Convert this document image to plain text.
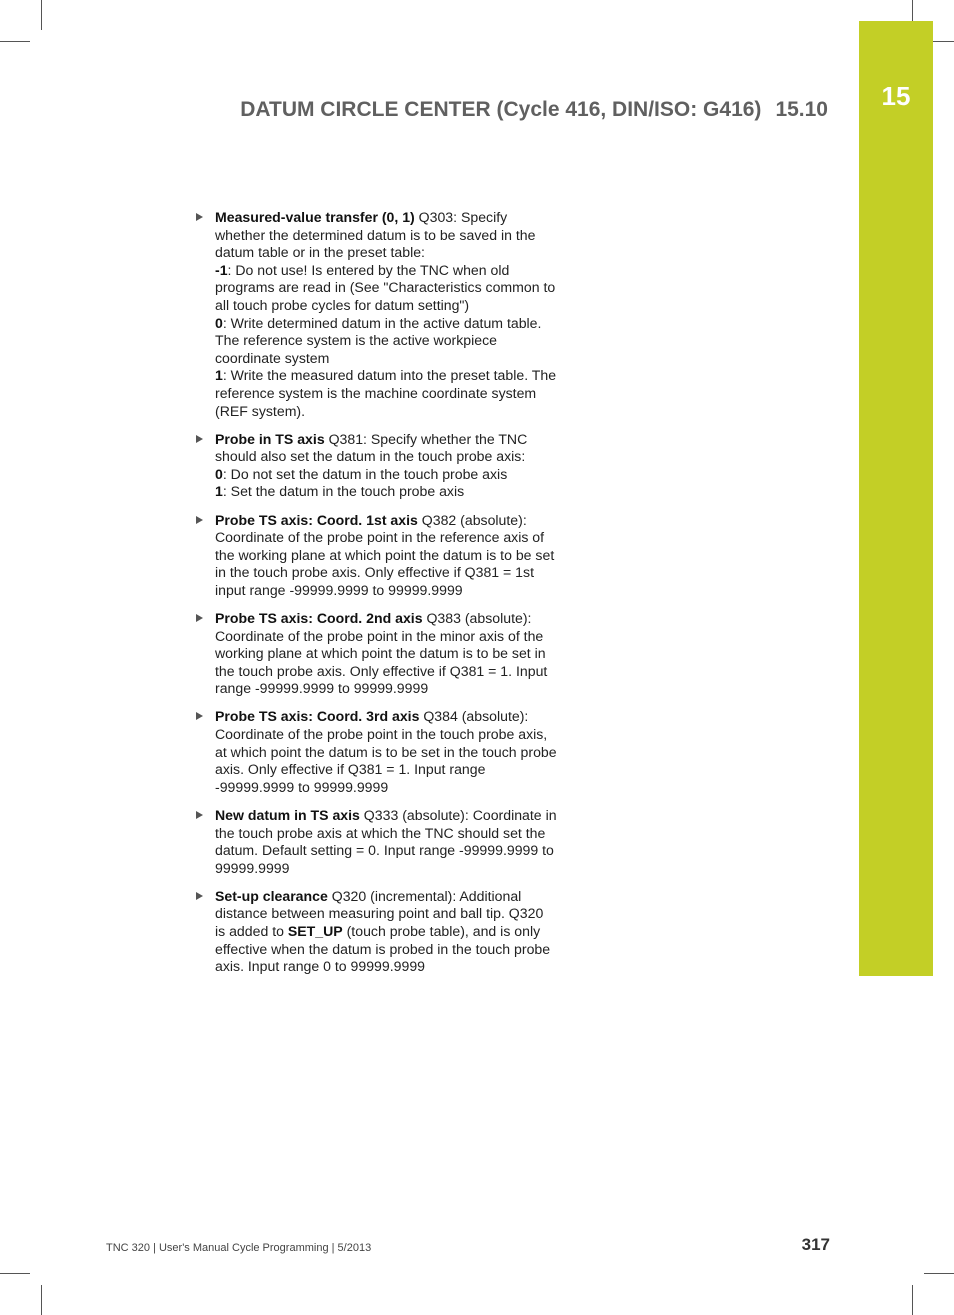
15
DATUM CIRCLE CENTER (Cycle 416, DIN/ISO: G416) 15.10
Measured-value transfer (0, 1) Q303: Specify whether the determined datum is to be saved in the datum table or in the preset table:
-1: Do not use! Is entered by the TNC when old programs are read in (See "Characteristics common to all touch probe cycles for datum setting")
0: Write determined datum in the active datum table. The reference system is the active workpiece coordinate system
1: Write the measured datum into the preset table. The reference system is the machine coordinate system (REF system).
Probe in TS axis Q381: Specify whether the TNC should also set the datum in the touch probe axis:
0: Do not set the datum in the touch probe axis
1: Set the datum in the touch probe axis
Probe TS axis: Coord. 1st axis Q382 (absolute): Coordinate of the probe point in the reference axis of the working plane at which point the datum is to be set in the touch probe axis. Only effective if Q381 = 1st input range -99999.9999 to 99999.9999
Probe TS axis: Coord. 2nd axis Q383 (absolute): Coordinate of the probe point in the minor axis of the working plane at which point the datum is to be set in the touch probe axis. Only effective if Q381 = 1. Input range -99999.9999 to 99999.9999
Probe TS axis: Coord. 3rd axis Q384 (absolute): Coordinate of the probe point in the touch probe axis, at which point the datum is to be set in the touch probe axis. Only effective if Q381 = 1. Input range -99999.9999 to 99999.9999
New datum in TS axis Q333 (absolute): Coordinate in the touch probe axis at which the TNC should set the datum. Default setting = 0. Input range -99999.9999 to 99999.9999
Set-up clearance Q320 (incremental): Additional distance between measuring point and ball tip. Q320 is added to SET_UP (touch probe table), and is only effective when the datum is probed in the touch probe axis. Input range 0 to 99999.9999
TNC 320 | User's Manual Cycle Programming | 5/2013	317
